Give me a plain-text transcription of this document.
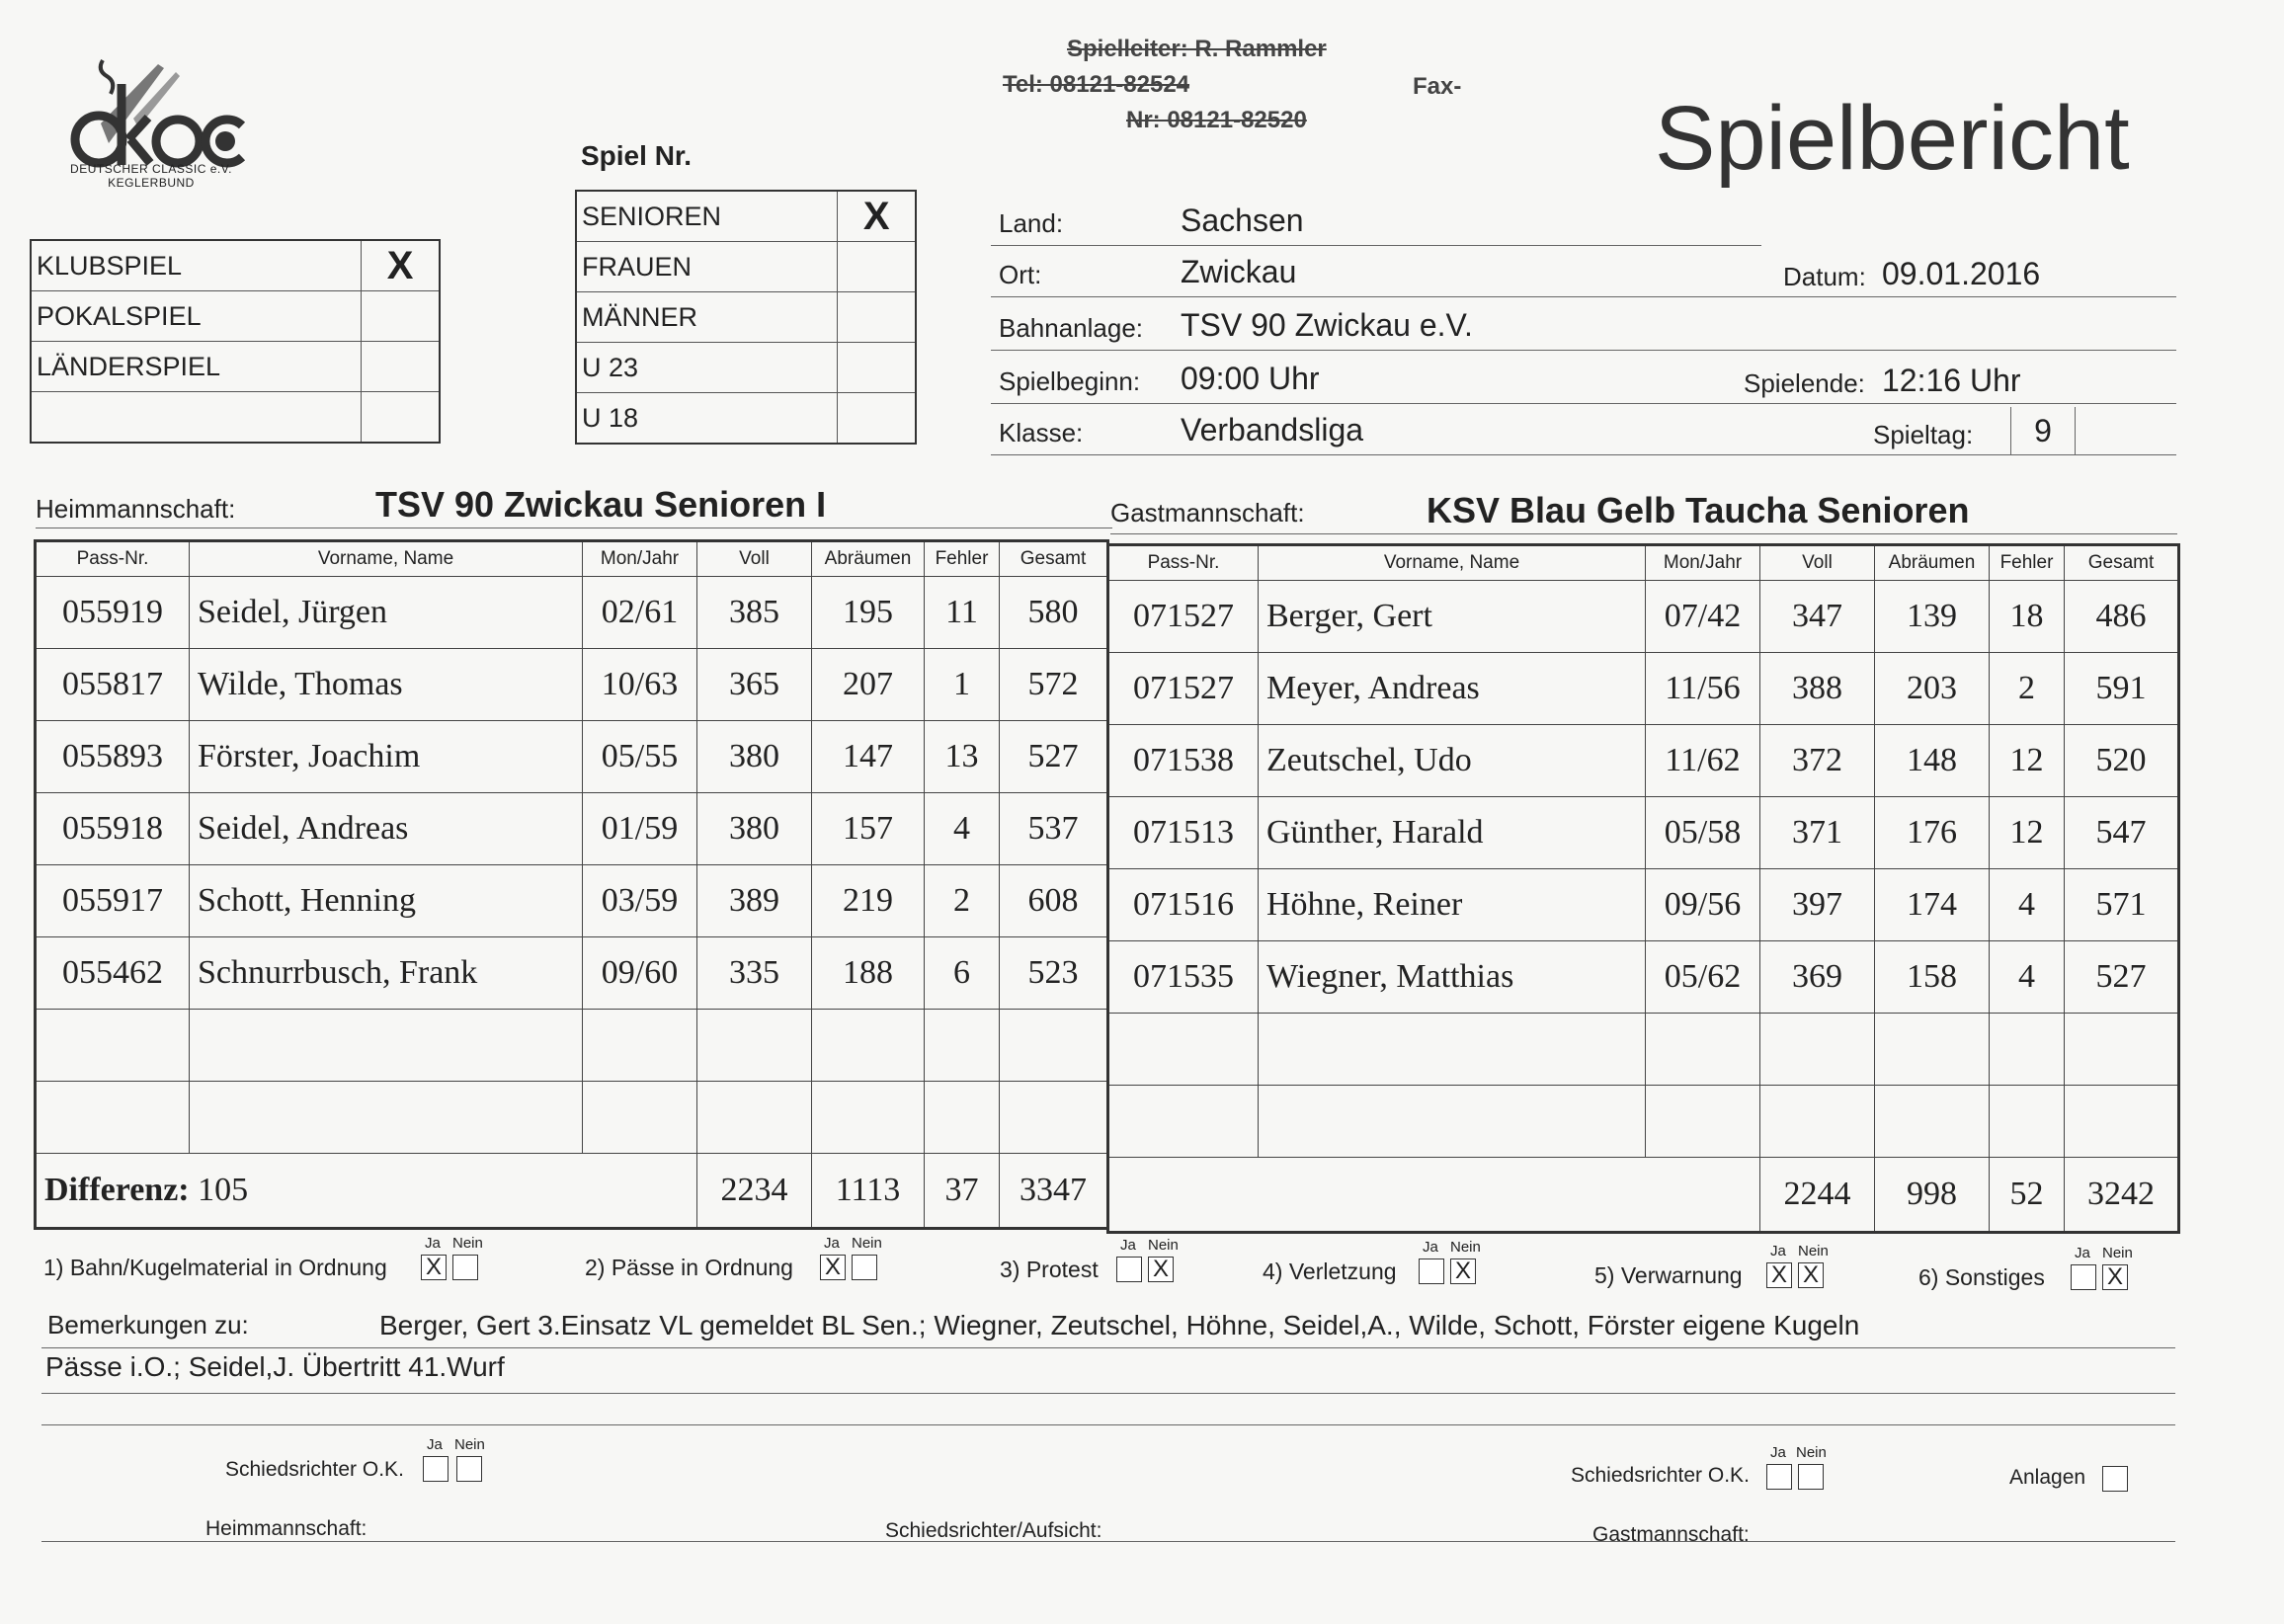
DEUTSCHER CLASSIC e.V. KEGLERBUND
Spielleiter: R. Rammler
Tel: 08121-82524	Fax-
Nr: 08121-82520	Spielbericht
KLUBSPIEL	X
POKALSPIEL	
LÄNDERSPIEL	

Spiel Nr.
SENIOREN	X
FRAUEN	
MÄNNER	
U 23	
U 18	
Land:	Sachsen
Ort:	Zwickau	Datum: 09.01.2016
Bahnanlage: TSV 90 Zwickau e.V.
Spielbeginn: 09:00 Uhr	Spielende: 12:16 Uhr
Klasse:	Verbandsliga	Spieltag:	9
Heimmannschaft:	TSV 90 Zwickau Senioren I	Gastmannschaft:	KSV Blau Gelb Taucha Senioren
Pass-Nr.	Vorname, Name	Mon/Jahr	Voll	Abräumen	Fehler	Gesamt
055919	Seidel, Jürgen	02/61	385	195	11	580
055817	Wilde, Thomas	10/63	365	207	1	572
055893	Förster, Joachim	05/55	380	147	13	527
055918	Seidel, Andreas	01/59	380	157	4	537
055917	Schott, Henning	03/59	389	219	2	608
055462	Schnurrbusch, Frank	09/60	335	188	6	523

Differenz: 105			2234	1113	37	3347
Pass-Nr.	Vorname, Name	Mon/Jahr	Voll	Abräumen	Fehler	Gesamt
071527	Berger, Gert	07/42	347	139	18	486
071527	Meyer, Andreas	11/56	388	203	2	591
071538	Zeutschel, Udo	11/62	372	148	12	520
071513	Günther, Harald	05/58	371	176	12	547
071516	Höhne, Reiner	09/56	397	174	4	571
071535	Wiegner, Matthias	05/62	369	158	4	527

			2244	998	52	3242
1) Bahn/Kugelmaterial in Ordnung
Ja Nein
X	2) Pässe in Ordnung
Ja Nein
X	3) Protest
Ja Nein
X	4) Verletzung
Ja Nein
X	5) Verwarnung
Ja Nein
X X	6) Sonstiges
Ja Nein
X
Bemerkungen zu:	Berger, Gert 3.Einsatz VL gemeldet BL Sen.; Wiegner, Zeutschel, Höhne, Seidel,A., Wilde, Schott, Förster eigene Kugeln
Pässe i.O.; Seidel,J. Übertritt 41.Wurf
Ja Nein
Schiedsrichter O.K.
Ja Nein
Schiedsrichter O.K.	Anlagen
Heimmannschaft:	Schiedsrichter/Aufsicht:	Gastmannschaft:
